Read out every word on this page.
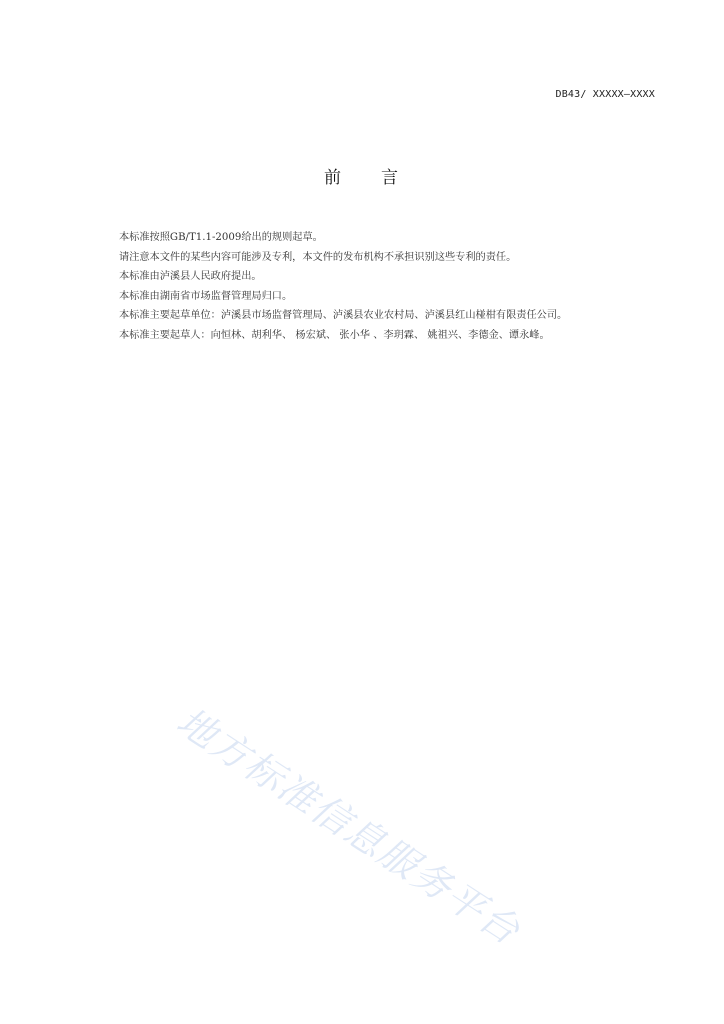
DB43/ XXXXX—XXXX
前　　言

本标准按照GB/T1.1-2009给出的规则起草。

请注意本文件的某些内容可能涉及专利，本文件的发布机构不承担识别这些专利的责任。

本标准由泸溪县人民政府提出。

本标准由湖南省市场监督管理局归口。

本标准主要起草单位：泸溪县市场监督管理局、泸溪县农业农村局、泸溪县红山椪柑有限责任公司。

本标准主要起草人：向恒林、胡利华、 杨宏斌、 张小华 、李玥霖、 姚祖兴、李德金、谭永峰。

地方标准信息服务平台
